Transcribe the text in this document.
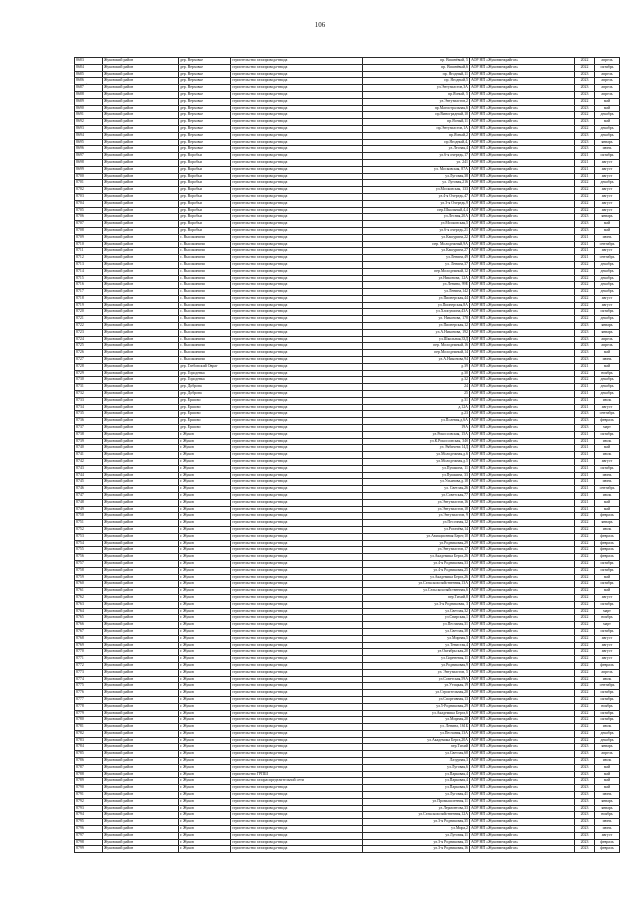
106
·
8683	Жуковский район	дер. Верховье	строительство газопровода-ввода	пр. Вишнёвый, 5	АОР НП «Жуковмежрайгаз»	2022	апрель
8684	Жуковский район	дер. Верховье	строительство газопровода-ввода	пр. Вишнёвый,6	АОР НП «Жуковмежрайгаз»	2022	октябрь
8685	Жуковский район	дер. Верховье	строительство газопровода-ввода	пр. Ягодный,11	АОР НП «Жуковмежрайгаз»	2023	апрель
8686	Жуковский район	дер. Верховье	строительство газопровода-ввода	пр. Ягодный,5	АОР НП «Жуковмежрайгаз»	2023	апрель
8687	Жуковский район	дер. Верховье	строительство газопровода-ввода	ул.Энтузиастов,3А	АОР НП «Жуковмежрайгаз»	2023	апрель
8688	Жуковский район	дер. Верховье	строительство газопровода-ввода	пр.Ясный, 5	АОР НП «Жуковмежрайгаз»	2023	апрель
8689	Жуковский район	дер. Верховье	строительство газопровода-ввода	ул.Энтузиастов,2	АОР НП «Жуковмежрайгаз»	2022	май
8690	Жуковский район	дер. Верховье	строительство газопровода-ввода	пр.Магистральная,6	АОР НП «Жуковмежрайгаз»	2023	май
8691	Жуковский район	дер. Верховье	строительство газопровода-ввода	пр.Виноградный,10	АОР НП «Жуковмежрайгаз»	2022	декабрь
8692	Жуковский район	дер. Верховье	строительство газопровода-ввода	пр.Ясный,11	АОР НП «Жуковмежрайгаз»	2023	май
8693	Жуковский район	дер. Верховье	строительство газопровода-ввода	пр.Энтузиастов,1А	АОР НП «Жуковмежрайгаз»	2022	декабрь
8694	Жуковский район	дер. Верховье	строительство газопровода-ввода	пр.Ясный,2	АОР НП «Жуковмежрайгаз»	2023	декабрь
8695	Жуковский район	дер. Верховье	строительство газопровода-ввода	пр.Ягодный,4,	АОР НП «Жуковмежрайгаз»	2023	январь
8696	Жуковский район	дер. Верховье	строительство газопровода-ввода	ул.Лесная,4	АОР НП «Жуковмежрайгаз»	2023	июнь
8697	Жуковский район	дер. Воробьи	строительство газопровода-ввода	ул.6-я очередь,17	АОР НП «Жуковмежрайгаз»	2021	октябрь
8698	Жуковский район	дер. Воробьи	строительство газопровода-ввода	ул. 241	АОР НП «Жуковмежрайгаз»	2021	август
8699	Жуковский район	дер. Воробьи	строительство газопровода-ввода	ул. Московская, 87А	АОР НП «Жуковмежрайгаз»	2021	август
8700	Жуковский район	дер. Воробьи	строительство газопровода-ввода	ул.Луговая,38	АОР НП «Жуковмежрайгаз»	2021	август
8701	Жуковский район	дер. Воробьи	строительство газопровода-ввода	ул. Луговая,216	АОР НП «Жуковмежрайгаз»	2022	декабрь
8702	Жуковский район	дер. Воробьи	строительство газопровода-ввода	ул.Московская, 133	АОР НП «Жуковмежрайгаз»	2022	август
8703	Жуковский район	дер. Воробьи	строительство газопровода-ввода	ул.4-я Очередь,47	АОР НП «Жуковмежрайгаз»	2022	август
8704	Жуковский район	дер. Воробьи	строительство газопровода-ввода	ул.3-я Очередь,9	АОР НП «Жуковмежрайгаз»	2022	август
8705	Жуковский район	дер. Воробьи	строительство газопровода-ввода	пер.Школьный,4,4	АОР НП «Жуковмежрайгаз»	2022	август
8706	Жуковский район	дер. Воробьи	строительство газопровода-ввода	ул.Лесная,20А	АОР НП «Жуковмежрайгаз»	2023	январь
8707	Жуковский район	дер. Воробьи	строительство газопровода-ввода	ул.Московская,5	АОР НП «Жуковмежрайгаз»	2023	май
8708	Жуковский район	дер. Воробьи	строительство газопровода-ввода	ул.6-я очередь,21	АОР НП «Жуковмежрайгаз»	2023	май
8709	Жуковский район	с. Высокиничи	строительство газопровода-ввода	ул.Кашурина,22	АОР НП «Жуковмежрайгаз»	2021	июнь
8710	Жуковский район	с. Высокиничи	строительство газопровода-ввода	пер. Молодежный,9А	АОР НП «Жуковмежрайгаз»	2021	сентябрь
8711	Жуковский район	с. Высокиничи	строительство газопровода-ввода	ул.Кашурина,27	АОР НП «Жуковмежрайгаз»	2021	август
8712	Жуковский район	с. Высокиничи	строительство газопровода-ввода	ул.Ленина,49	АОР НП «Жуковмежрайгаз»	2021	сентябрь
8713	Жуковский район	с. Высокиничи	строительство газопровода-ввода	ул. Ленина,37	АОР НП «Жуковмежрайгаз»	2022	декабрь
8714	Жуковский район	с. Высокиничи	строительство газопровода-ввода	пер.Молодежный,12	АОР НП «Жуковмежрайгаз»	2022	декабрь
8715	Жуковский район	с. Высокиничи	строительство газопровода-ввода	ул.Никонова, 12А	АОР НП «Жуковмежрайгаз»	2022	декабрь
8716	Жуковский район	с. Высокиничи	строительство газопровода-ввода	ул.Ленина, 99Е	АОР НП «Жуковмежрайгаз»	2022	декабрь
8717	Жуковский район	с. Высокиничи	строительство газопровода-ввода	ул.Ленина,142	АОР НП «Жуковмежрайгаз»	2022	декабрь
8718	Жуковский район	с. Высокиничи	строительство газопровода-ввода	ул.Пионерская,44	АОР НП «Жуковмежрайгаз»	2022	август
8719	Жуковский район	с. Высокиничи	строительство газопровода-ввода	ул.Пионерская,8А	АОР НП «Жуковмежрайгаз»	2022	август
8720	Жуковский район	с. Высокиничи	строительство газопровода-ввода	ул.Хлопушина,43А	АОР НП «Жуковмежрайгаз»	2022	октябрь
8721	Жуковский район	с. Высокиничи	строительство газопровода-ввода	ул. Никонова, 178	АОР НП «Жуковмежрайгаз»	2022	декабрь
8722	Жуковский район	с. Высокиничи	строительство газопровода-ввода	ул.Пионерская,12	АОР НП «Жуковмежрайгаз»	2023	январь
8723	Жуковский район	с. Высокиничи	строительство газопровода-ввода	ул.А.Никонова, 192	АОР НП «Жуковмежрайгаз»	2023	январь
8724	Жуковский район	с. Высокиничи	строительство газопровода-ввода	ул.Школьная,33Д	АОР НП «Жуковмежрайгаз»	2023	апрель
8725	Жуковский район	с. Высокиничи	строительство газопровода-ввода	пер. Молодежный,16	АОР НП «Жуковмежрайгаз»	2023	апрель
8726	Жуковский район	с. Высокиничи	строительство газопровода-ввода	пер.Молодежный,14	АОР НП «Жуковмежрайгаз»	2023	май
8727	Жуковский район	с. Высокиничи	строительство газопровода-ввода	ул.А.Никонова,94	АОР НП «Жуковмежрайгаз»	2023	июнь
8728	Жуковский район	дер. Глебовский Овраг	строительство газопровода-ввода	д.39	АОР НП «Жуковмежрайгаз»	2021	май
8729	Жуковский район	дер. Городенка	строительство газопровода-ввода	д.30	АОР НП «Жуковмежрайгаз»	2022	ноябрь
8730	Жуковский район	дер. Городенка	строительство газопровода-ввода	д.32	АОР НП «Жуковмежрайгаз»	2022	декабрь
8731	Жуковский район	дер. Доброва	строительство газопровода-ввода	24	АОР НП «Жуковмежрайгаз»	2021	декабрь
8732	Жуковский район	дер. Доброва	строительство газопровода-ввода	25	АОР НП «Жуковмежрайгаз»	2021	декабрь
8733	Жуковский район	дер. Ершово	строительство газопровода-ввода	д.31	АОР НП «Жуковмежрайгаз»	2021	июль
8734	Жуковский район	дер. Ершово	строительство газопровода-ввода	д.12А	АОР НП «Жуковмежрайгаз»	2021	август
8735	Жуковский район	дер. Ершово	строительство газопровода-ввода	д.23	АОР НП «Жуковмежрайгаз»	2023	сентябрь
8736	Жуковский район	дер. Ершово	строительство газопровода-ввода	ул.Полевая,д.6А	АОР НП «Жуковмежрайгаз»	2023	февраль
8737	Жуковский район	дер. Ершово	строительство газопровода-ввода	19А	АОР НП «Жуковмежрайгаз»	2023	март
8738	Жуковский район	г. Жуков	строительство газопровода-ввода	ул.Рокоссовская, 15А	АОР НП «Жуковмежрайгаз»	2021	октябрь
8739	Жуковский район	г. Жуков	строительство газопровода-ввода	ул.К.Рокоссовская, 34б	АОР НП «Жуковмежрайгаз»	2021	июль
8740	Жуковский район	г. Жуков	строительство газопровода-ввода	ул. Рябичева 14Д	АОР НП «Жуковмежрайгаз»	2021	май
8741	Жуковский район	г. Жуков	строительство газопровода-ввода	ул.Молодежная,д.6	АОР НП «Жуковмежрайгаз»	2021	июль
8742	Жуковский район	г. Жуков	строительство газопровода-ввода	ул.Молодежная,д.5	АОР НП «Жуковмежрайгаз»	2021	август
8743	Жуковский район	г. Жуков	строительство газопровода-ввода	ул.Пушкина, 11	АОР НП «Жуковмежрайгаз»	2021	октябрь
8744	Жуковский район	г. Жуков	строительство газопровода-ввода	ул.Пушкина, 33	АОР НП «Жуковмежрайгаз»	2021	июнь
8745	Жуковский район	г. Жуков	строительство газопровода-ввода	ул.Ульянова,д.18	АОР НП «Жуковмежрайгаз»	2021	июнь
8746	Жуковский район	г. Жуков	строительство газопровода-ввода	ул. Светлая,26	АОР НП «Жуковмежрайгаз»	2021	сентябрь
8747	Жуковский район	г. Жуков	строительство газопровода-ввода	ул.Советская,77	АОР НП «Жуковмежрайгаз»	2021	июль
8748	Жуковский район	г. Жуков	строительство газопровода-ввода	ул.Энтузиастов,16	АОР НП «Жуковмежрайгаз»	2021	май
8749	Жуковский район	г. Жуков	строительство газопровода-ввода	ул.Энтузиастов,18	АОР НП «Жуковмежрайгаз»	2021	май
8750	Жуковский район	г. Жуков	строительство газопровода-ввода	ул.Энтузиастов, 9	АОР НП «Жуковмежрайгаз»	2022	февраль
8751	Жуковский район	г. Жуков	строительство газопровода-ввода	ул.Песочная,12	АОР НП «Жуковмежрайгаз»	2022	январь
8752	Жуковский район	г. Жуков	строительство газопровода-ввода	ул.Рогачёва,14	АОР НП «Жуковмежрайгаз»	2022	июль
8753	Жуковский район	г. Жуков	строительство газопровода-ввода	ул.Авиационная Берег,10	АОР НП «Жуковмежрайгаз»	2022	февраль
8754	Жуковский район	г. Жуков	строительство газопровода-ввода	ул.Родниковая,29	АОР НП «Жуковмежрайгаз»	2022	февраль
8755	Жуковский район	г. Жуков	строительство газопровода-ввода	ул.Энтузиастов,17	АОР НП «Жуковмежрайгаз»	2022	февраль
8756	Жуковский район	г. Жуков	строительство газопровода-ввода	ул.Академика Берга,26	АОР НП «Жуковмежрайгаз»	2022	февраль
8757	Жуковский район	г. Жуков	строительство газопровода-ввода	ул.4-я Родниковая,33	АОР НП «Жуковмежрайгаз»	2022	октябрь
8758	Жуковский район	г. Жуков	строительство газопровода-ввода	ул.4-я Родниковая,25	АОР НП «Жуковмежрайгаз»	2022	октябрь
8759	Жуковский район	г. Жуков	строительство газопровода-ввода	ул.Академика Берга,26	АОР НП «Жуковмежрайгаз»	2022	май
8760	Жуковский район	г. Жуков	строительство газопровода-ввода	ул.Сельскохозяйственная,13А	АОР НП «Жуковмежрайгаз»	2022	октябрь
8761	Жуковский район	г. Жуков	строительство газопровода-ввода	ул.Сельскохозяйственная,6	АОР НП «Жуковмежрайгаз»	2022	май
8762	Жуковский район	г. Жуков	строительство газопровода-ввода	пер.Тихий,8	АОР НП «Жуковмежрайгаз»	2022	август
8763	Жуковский район	г. Жуков	строительство газопровода-ввода	ул.3-я Родниковая, 3	АОР НП «Жуковмежрайгаз»	2022	октябрь
8764	Жуковский район	г. Жуков	строительство газопровода-ввода	ул.Светлая,32	АОР НП «Жуковмежрайгаз»	2022	март
8765	Жуковский район	г. Жуков	строительство газопровода-ввода	ул.Свирская,1	АОР НП «Жуковмежрайгаз»	2022	ноябрь
8766	Жуковский район	г. Жуков	строительство газопровода-ввода	ул.Песчаная,31	АОР НП «Жуковмежрайгаз»	2022	март
8767	Жуковский район	г. Жуков	строительство газопровода-ввода	ул.Светлая,38	АОР НП «Жуковмежрайгаз»	2022	октябрь
8768	Жуковский район	г. Жуков	строительство газопровода-ввода	ул.Мирная,5	АОР НП «Жуковмежрайгаз»	2022	август
8769	Жуковский район	г. Жуков	строительство газопровода-ввода	ул.Тенистая,4	АОР НП «Жуковмежрайгаз»	2022	август
8770	Жуковский район	г. Жуков	строительство газопровода-ввода	ул.Октябрьская,20	АОР НП «Жуковмежрайгаз»	2022	август
8771	Жуковский район	г. Жуков	строительство газопровода-ввода	ул.Сиреневая,11	АОР НП «Жуковмежрайгаз»	2022	август
8772	Жуковский район	г. Жуков	строительство газопровода-ввода	ул.Родниковая,9	АОР НП «Жуковмежрайгаз»	2022	февраль
8773	Жуковский район	г. Жуков	строительство газопровода-ввода	ул. Энтузиастов, 5	АОР НП «Жуковмежрайгаз»	2022	апрель
8774	Жуковский район	г. Жуков	строительство газопровода-ввода	ул.Советская,59А	АОР НП «Жуковмежрайгаз»	2022	июль
8775	Жуковский район	г. Жуков	строительство газопровода-ввода	ул.Утицкая,19	АОР НП «Жуковмежрайгаз»	2022	сентябрь
8776	Жуковский район	г. Жуков	строительство газопровода-ввода	ул.Строительная,20	АОР НП «Жуковмежрайгаз»	2022	октябрь
8777	Жуковский район	г. Жуков	строительство газопровода-ввода	ул.Спортивная,13	АОР НП «Жуковмежрайгаз»	2022	октябрь
8778	Жуковский район	г. Жуков	строительство газопровода-ввода	ул.5-Родниковая,29	АОР НП «Жуковмежрайгаз»	2022	ноябрь
8779	Жуковский район	г. Жуков	строительство газопровода-ввода	ул.Академика Берга,6	АОР НП «Жуковмежрайгаз»	2022	октябрь
8780	Жуковский район	г. Жуков	строительство газопровода-ввода	ул.Мирная,20	АОР НП «Жуковмежрайгаз»	2022	октябрь
8781	Жуковский район	г. Жуков	строительство газопровода-ввода	ул. Ленина, 161Б	АОР НП «Жуковмежрайгаз»	2022	июль
8782	Жуковский район	г. Жуков	строительство газопровода-ввода	ул.Песчаная,13А	АОР НП «Жуковмежрайгаз»	2022	декабрь
8783	Жуковский район	г. Жуков	строительство газопровода-ввода	ул.Академика Берга,20А	АОР НП «Жуковмежрайгаз»	2022	декабрь
8784	Жуковский район	г. Жуков	строительство газопровода-ввода	пер.Тихий	АОР НП «Жуковмежрайгаз»	2023	январь
8785	Жуковский район	г. Жуков	строительство газопровода-ввода	ул.Светлая,68	АОР НП «Жуковмежрайгаз»	2023	апрель
8786	Жуковский район	г. Жуков	строительство газопровода-ввода	Лазурная,3	АОР НП «Жуковмежрайгаз»	2023	июль
8787	Жуковский район	г. Жуков	строительство газопровода-ввода	ул.Луговая,6	АОР НП «Жуковмежрайгаз»	2023	май
8788	Жуковский район	г. Жуков	строительство ГРПШ	ул.Парковая,4	АОР НП «Жуковмежрайгаз»	2023	май
8789	Жуковский район	г. Жуков	строительство газораспределительной сети	ул.Парковая,4	АОР НП «Жуковмежрайгаз»	2023	май
8790	Жуковский район	г. Жуков	строительство газопровода-ввода	ул.Парковая,6	АОР НП «Жуковмежрайгаз»	2023	май
8791	Жуковский район	г. Жуков	строительство газопровода-ввода	ул.Луговая,41	АОР НП «Жуковмежрайгаз»	2023	июнь
8792	Жуковский район	г. Жуков	строительство газопровода-ввода	ул.Промышленная,11	АОР НП «Жуковмежрайгаз»	2023	январь
8793	Жуковский район	г. Жуков	строительство газопровода-ввода	ул.Лермонтова,33	АОР НП «Жуковмежрайгаз»	2023	январь
8794	Жуковский район	г. Жуков	строительство газопровода-ввода	ул.Сельскохозяйственная,12А	АОР НП «Жуковмежрайгаз»	2023	ноябрь
8795	Жуковский район	г. Жуков	строительство газопровода-ввода	ул.3-я Родниковая,35	АОР НП «Жуковмежрайгаз»	2023	июнь
8796	Жуковский район	г. Жуков	строительство газопровода-ввода	ул.Мира,2	АОР НП «Жуковмежрайгаз»	2023	июнь
8797	Жуковский район	г. Жуков	строительство газопровода-ввода	ул.Луговая,11	АОР НП «Жуковмежрайгаз»	2023	август
8798	Жуковский район	г. Жуков	строительство газопровода-ввода	ул.3-я Родниковая,15	АОР НП «Жуковмежрайгаз»	2023	февраль
8799	Жуковский район	г. Жуков	строительство газопровода-ввода	ул.3-я Родниковая,16	АОР НП «Жуковмежрайгаз»	2023	февраль
